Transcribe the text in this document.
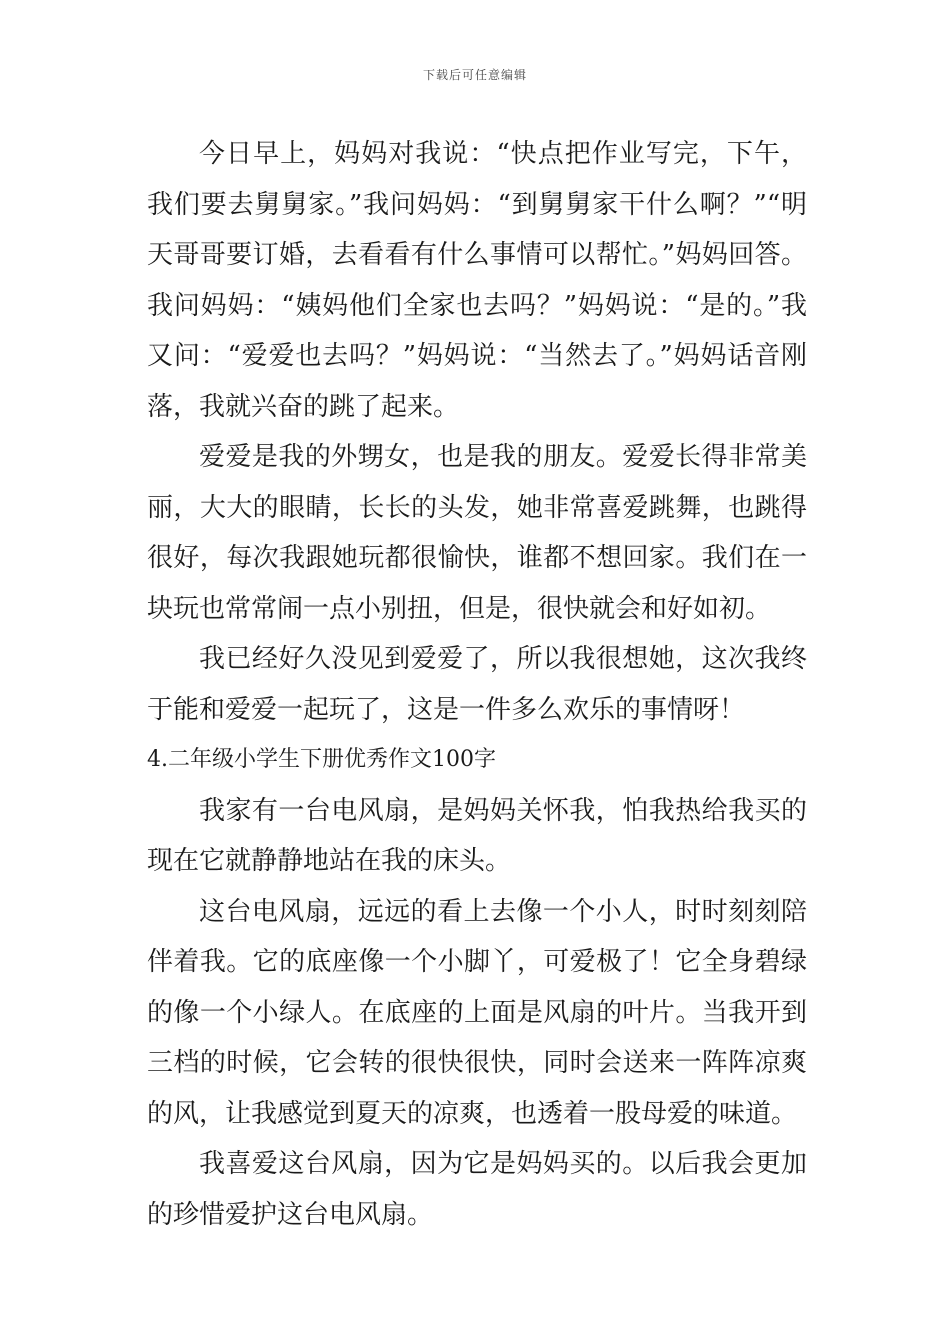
下载后可任意编辑

今日早上，妈妈对我说：“快点把作业写完，下午，我们要去舅舅家。”我问妈妈：“到舅舅家干什么啊？”“明天哥哥要订婚，去看看有什么事情可以帮忙。”妈妈回答。我问妈妈：“姨妈他们全家也去吗？”妈妈说：“是的。”我又问：“爱爱也去吗？”妈妈说：“当然去了。”妈妈话音刚落，我就兴奋的跳了起来。

爱爱是我的外甥女，也是我的朋友。爱爱长得非常美丽，大大的眼睛，长长的头发，她非常喜爱跳舞，也跳得很好，每次我跟她玩都很愉快，谁都不想回家。我们在一块玩也常常闹一点小别扭，但是，很快就会和好如初。

我已经好久没见到爱爱了，所以我很想她，这次我终于能和爱爱一起玩了，这是一件多么欢乐的事情呀！

4.二年级小学生下册优秀作文100字

我家有一台电风扇，是妈妈关怀我，怕我热给我买的现在它就静静地站在我的床头。

这台电风扇，远远的看上去像一个小人，时时刻刻陪伴着我。它的底座像一个小脚丫，可爱极了！它全身碧绿的像一个小绿人。在底座的上面是风扇的叶片。当我开到三档的时候，它会转的很快很快，同时会送来一阵阵凉爽的风，让我感觉到夏天的凉爽，也透着一股母爱的味道。

我喜爱这台风扇，因为它是妈妈买的。以后我会更加的珍惜爱护这台电风扇。
